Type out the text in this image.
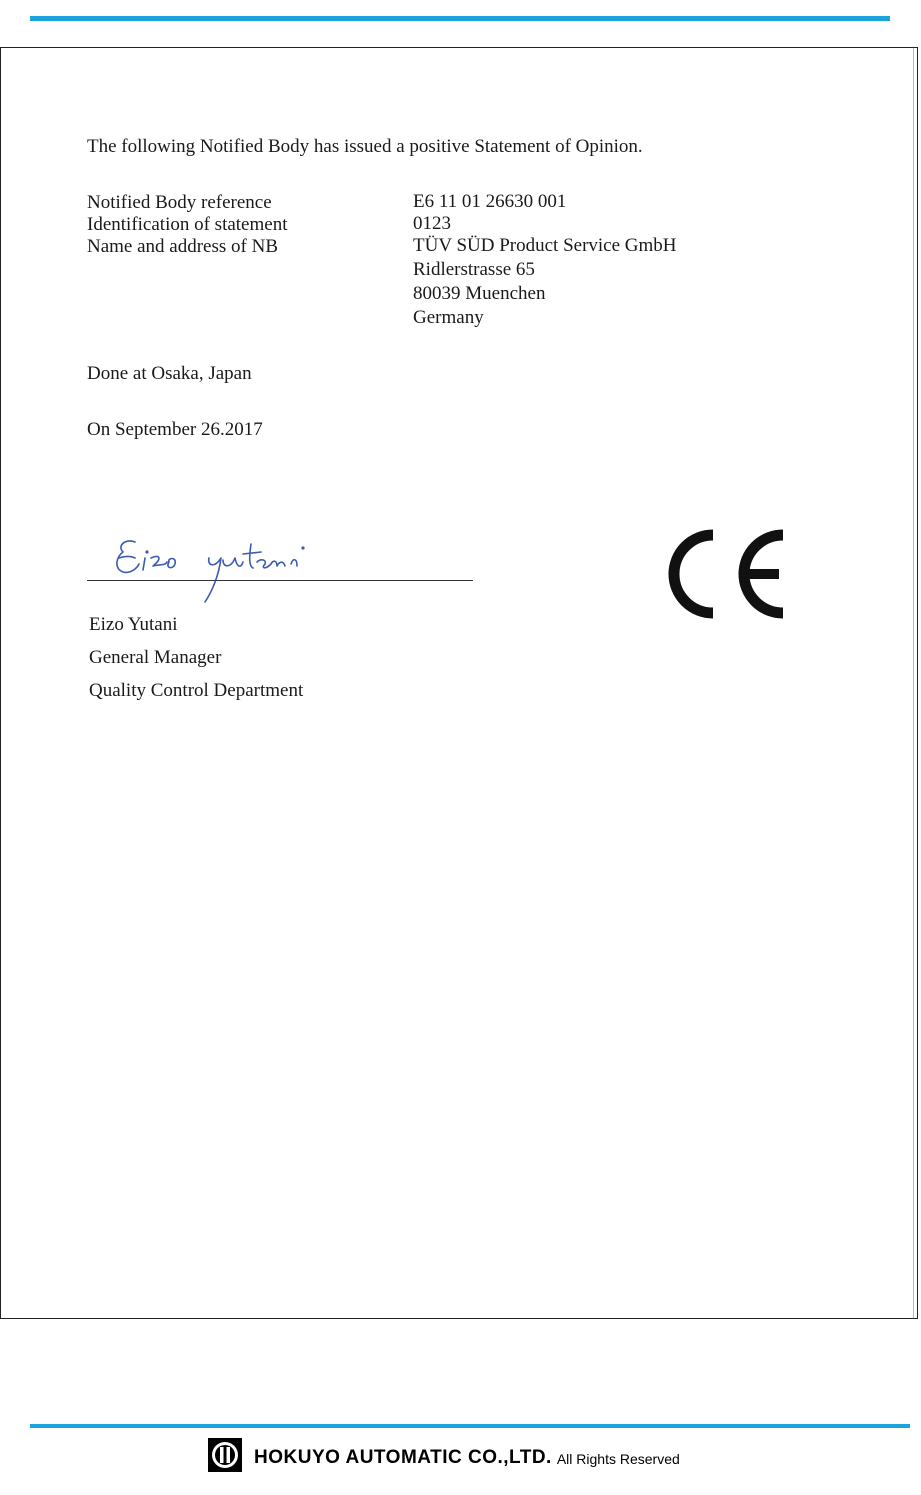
The following Notified Body has issued a positive Statement of Opinion.
Notified Body reference
Identification of statement
Name and address of NB
E6 11 01 26630 001
0123
TÜV SÜD Product Service GmbH
Ridlerstrasse 65
80039 Muenchen
Germany
Done at Osaka, Japan
On September 26.2017
Eizo Yutani
General Manager
Quality Control Department
HOKUYO AUTOMATIC CO.,LTD. All Rights Reserved
